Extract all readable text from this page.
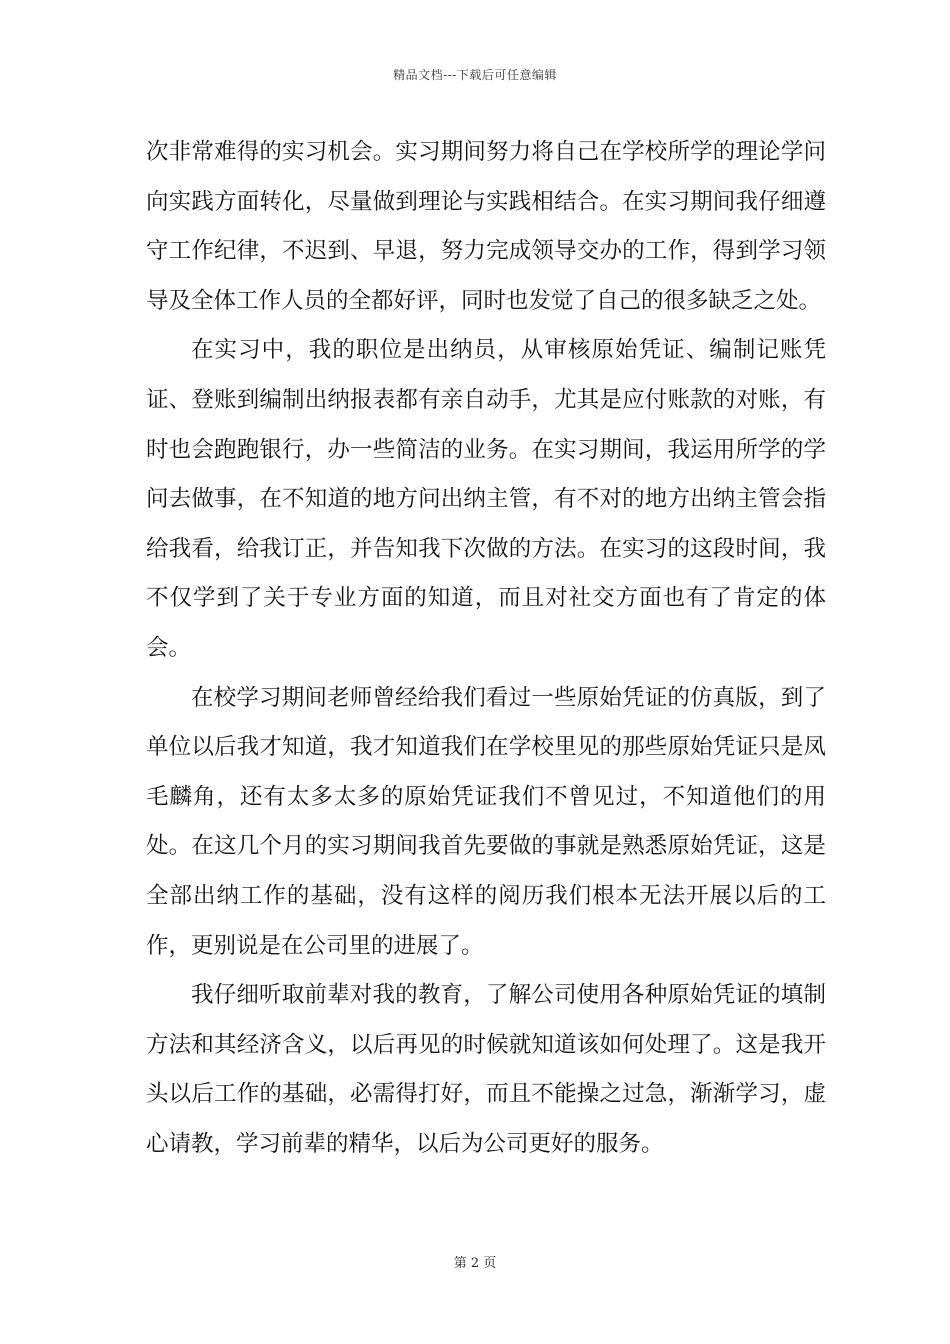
精品文档---下载后可任意编辑

次非常难得的实习机会。实习期间努力将自己在学校所学的理论学问向实践方面转化，尽量做到理论与实践相结合。在实习期间我仔细遵守工作纪律，不迟到、早退，努力完成领导交办的工作，得到学习领导及全体工作人员的全都好评，同时也发觉了自己的很多缺乏之处。

在实习中，我的职位是出纳员，从审核原始凭证、编制记账凭证、登账到编制出纳报表都有亲自动手，尤其是应付账款的对账，有时也会跑跑银行，办一些简洁的业务。在实习期间，我运用所学的学问去做事，在不知道的地方问出纳主管，有不对的地方出纳主管会指给我看，给我订正，并告知我下次做的方法。在实习的这段时间，我不仅学到了关于专业方面的知道，而且对社交方面也有了肯定的体会。

在校学习期间老师曾经给我们看过一些原始凭证的仿真版，到了单位以后我才知道，我才知道我们在学校里见的那些原始凭证只是凤毛麟角，还有太多太多的原始凭证我们不曾见过，不知道他们的用处。在这几个月的实习期间我首先要做的事就是熟悉原始凭证，这是全部出纳工作的基础，没有这样的阅历我们根本无法开展以后的工作，更别说是在公司里的进展了。

我仔细听取前辈对我的教育，了解公司使用各种原始凭证的填制方法和其经济含义，以后再见的时候就知道该如何处理了。这是我开头以后工作的基础，必需得打好，而且不能操之过急，渐渐学习，虚心请教，学习前辈的精华，以后为公司更好的服务。

第 2 页
